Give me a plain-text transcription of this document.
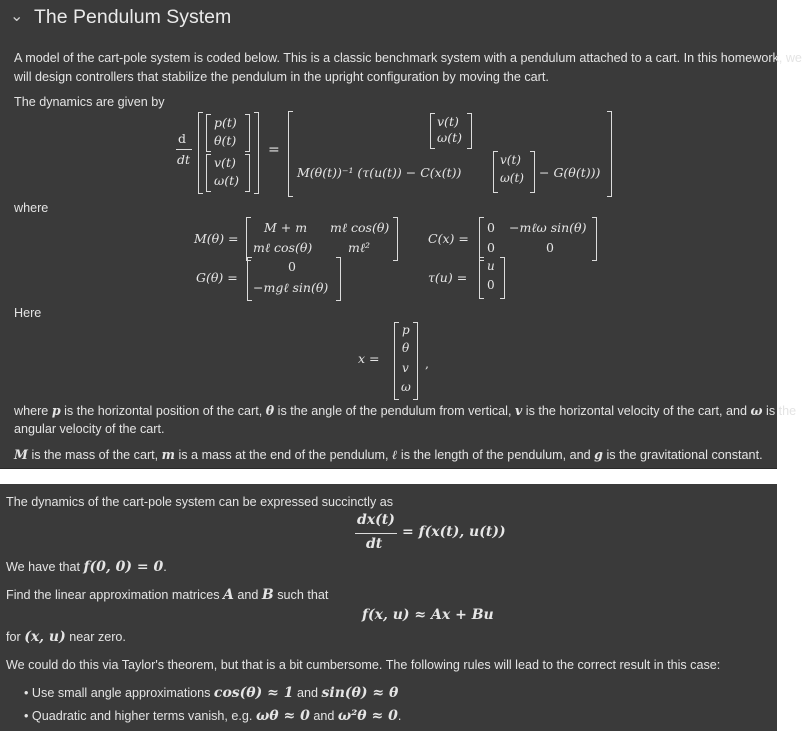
⌄ The Pendulum System
A model of the cart-pole system is coded below. This is a classic benchmark system with a pendulum attached to a cart. In this homework, we
will design controllers that stabilize the pendulum in the upright configuration by moving the cart.
The dynamics are given by
d
dt
p(t)
θ(t)
v(t)
ω(t)
=
v(t)
ω(t)
M(θ(t))⁻¹ (τ(u(t)) − C(x(t))
v(t)
ω(t) − G(θ(t)))
where
M(θ) =
M + m mℓ cos(θ)
mℓ cos(θ)	mℓ²
C(x) =
0 −mℓω sin(θ)
0	0
G(θ) =
0
−mgℓ sin(θ)
τ(u) =
u
0
Here
x =
p
θ
v
ω
,
where p is the horizontal position of the cart, θ is the angle of the pendulum from vertical, v is the horizontal velocity of the cart, and ω is the
angular velocity of the cart.
M is the mass of the cart, m is a mass at the end of the pendulum, ℓ is the length of the pendulum, and g is the gravitational constant.
The dynamics of the cart-pole system can be expressed succinctly as
dx(t)
dt
= f(x(t), u(t))
We have that f(0, 0) = 0.
Find the linear approximation matrices A and B such that
f(x, u) ≈ Ax + Bu
for (x, u) near zero.
We could do this via Taylor's theorem, but that is a bit cumbersome. The following rules will lead to the correct result in this case:
• Use small angle approximations cos(θ) ≈ 1 and sin(θ) ≈ θ
• Quadratic and higher terms vanish, e.g. ωθ ≈ 0 and ω²θ ≈ 0.
